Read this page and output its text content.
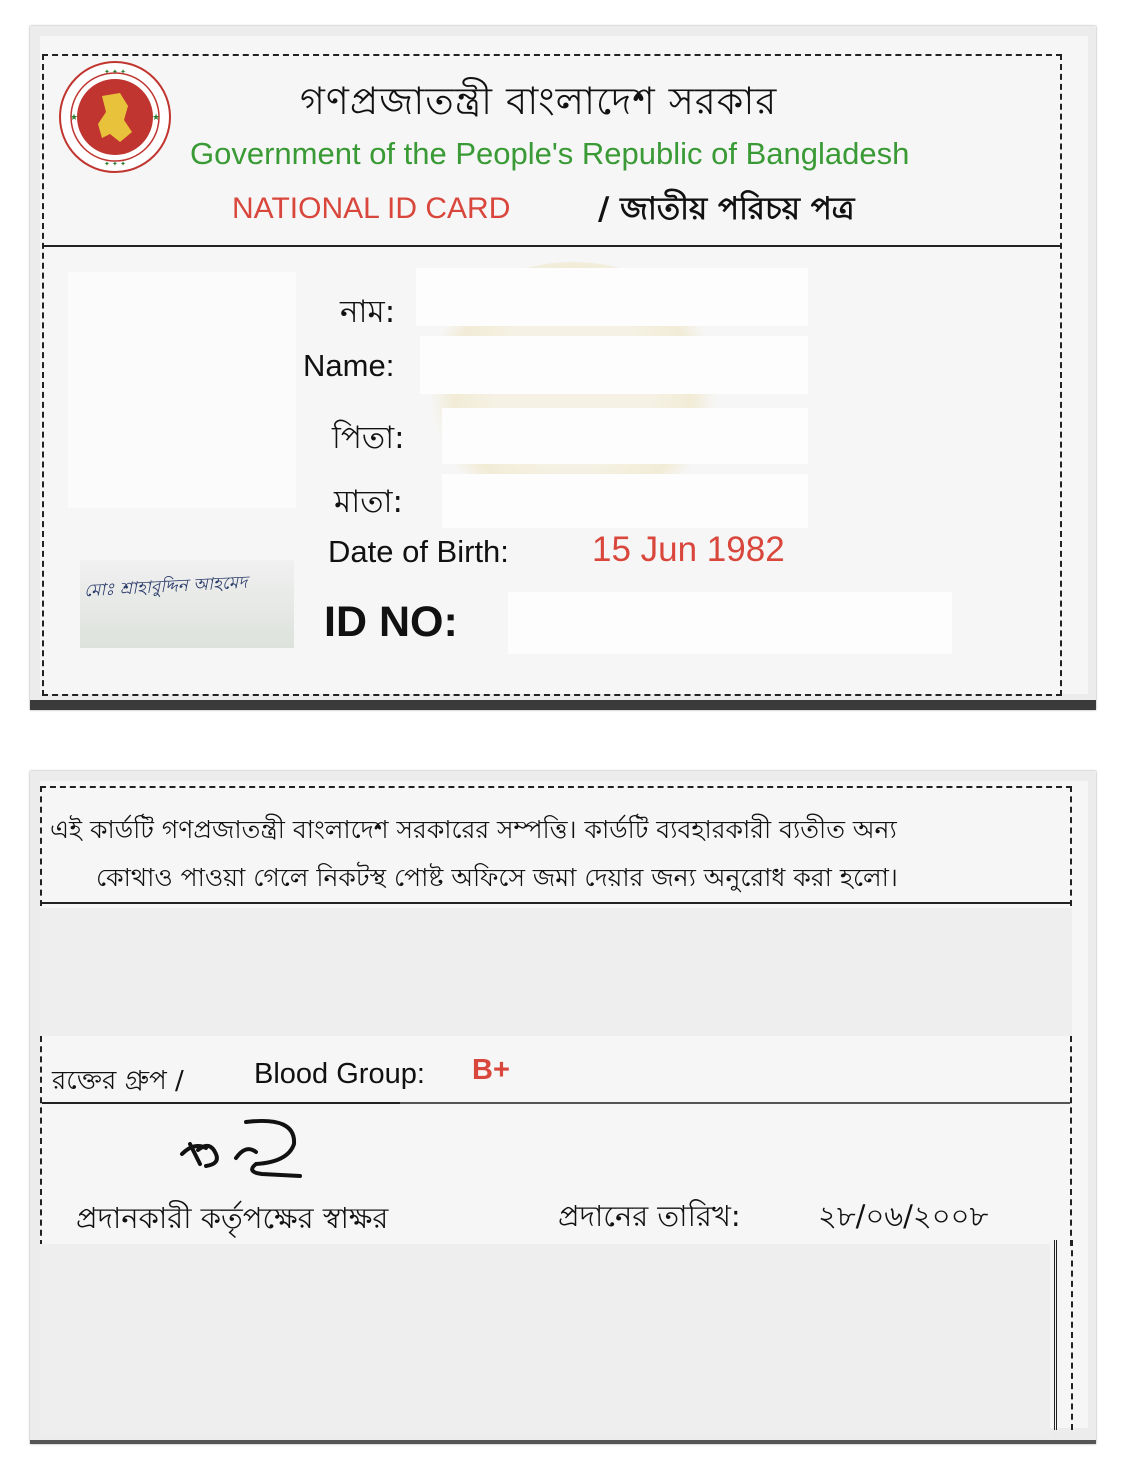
✦ ✦ ✦
★	★
✦ ✦ ✦
গণপ্রজাতন্ত্রী বাংলাদেশ সরকার
Government of the People's Republic of Bangladesh
NATIONAL ID CARD	/ জাতীয় পরিচয় পত্র
মোঃ শ্রাহাবুদ্দিন আহমেদ
নাম:
Name:
পিতা:
মাতা:
Date of Birth: 15 Jun 1982
ID NO:
এই কার্ডটি গণপ্রজাতন্ত্রী বাংলাদেশ সরকারের সম্পত্তি। কার্ডটি ব্যবহারকারী ব্যতীত অন্য
কোথাও পাওয়া গেলে নিকটস্থ পোষ্ট অফিসে জমা দেয়ার জন্য অনুরোধ করা হলো।
রক্তের গ্রুপ / Blood Group: B+
প্রদানকারী কর্তৃপক্ষের স্বাক্ষর	প্রদানের তারিখ:	২৮/০৬/২০০৮
